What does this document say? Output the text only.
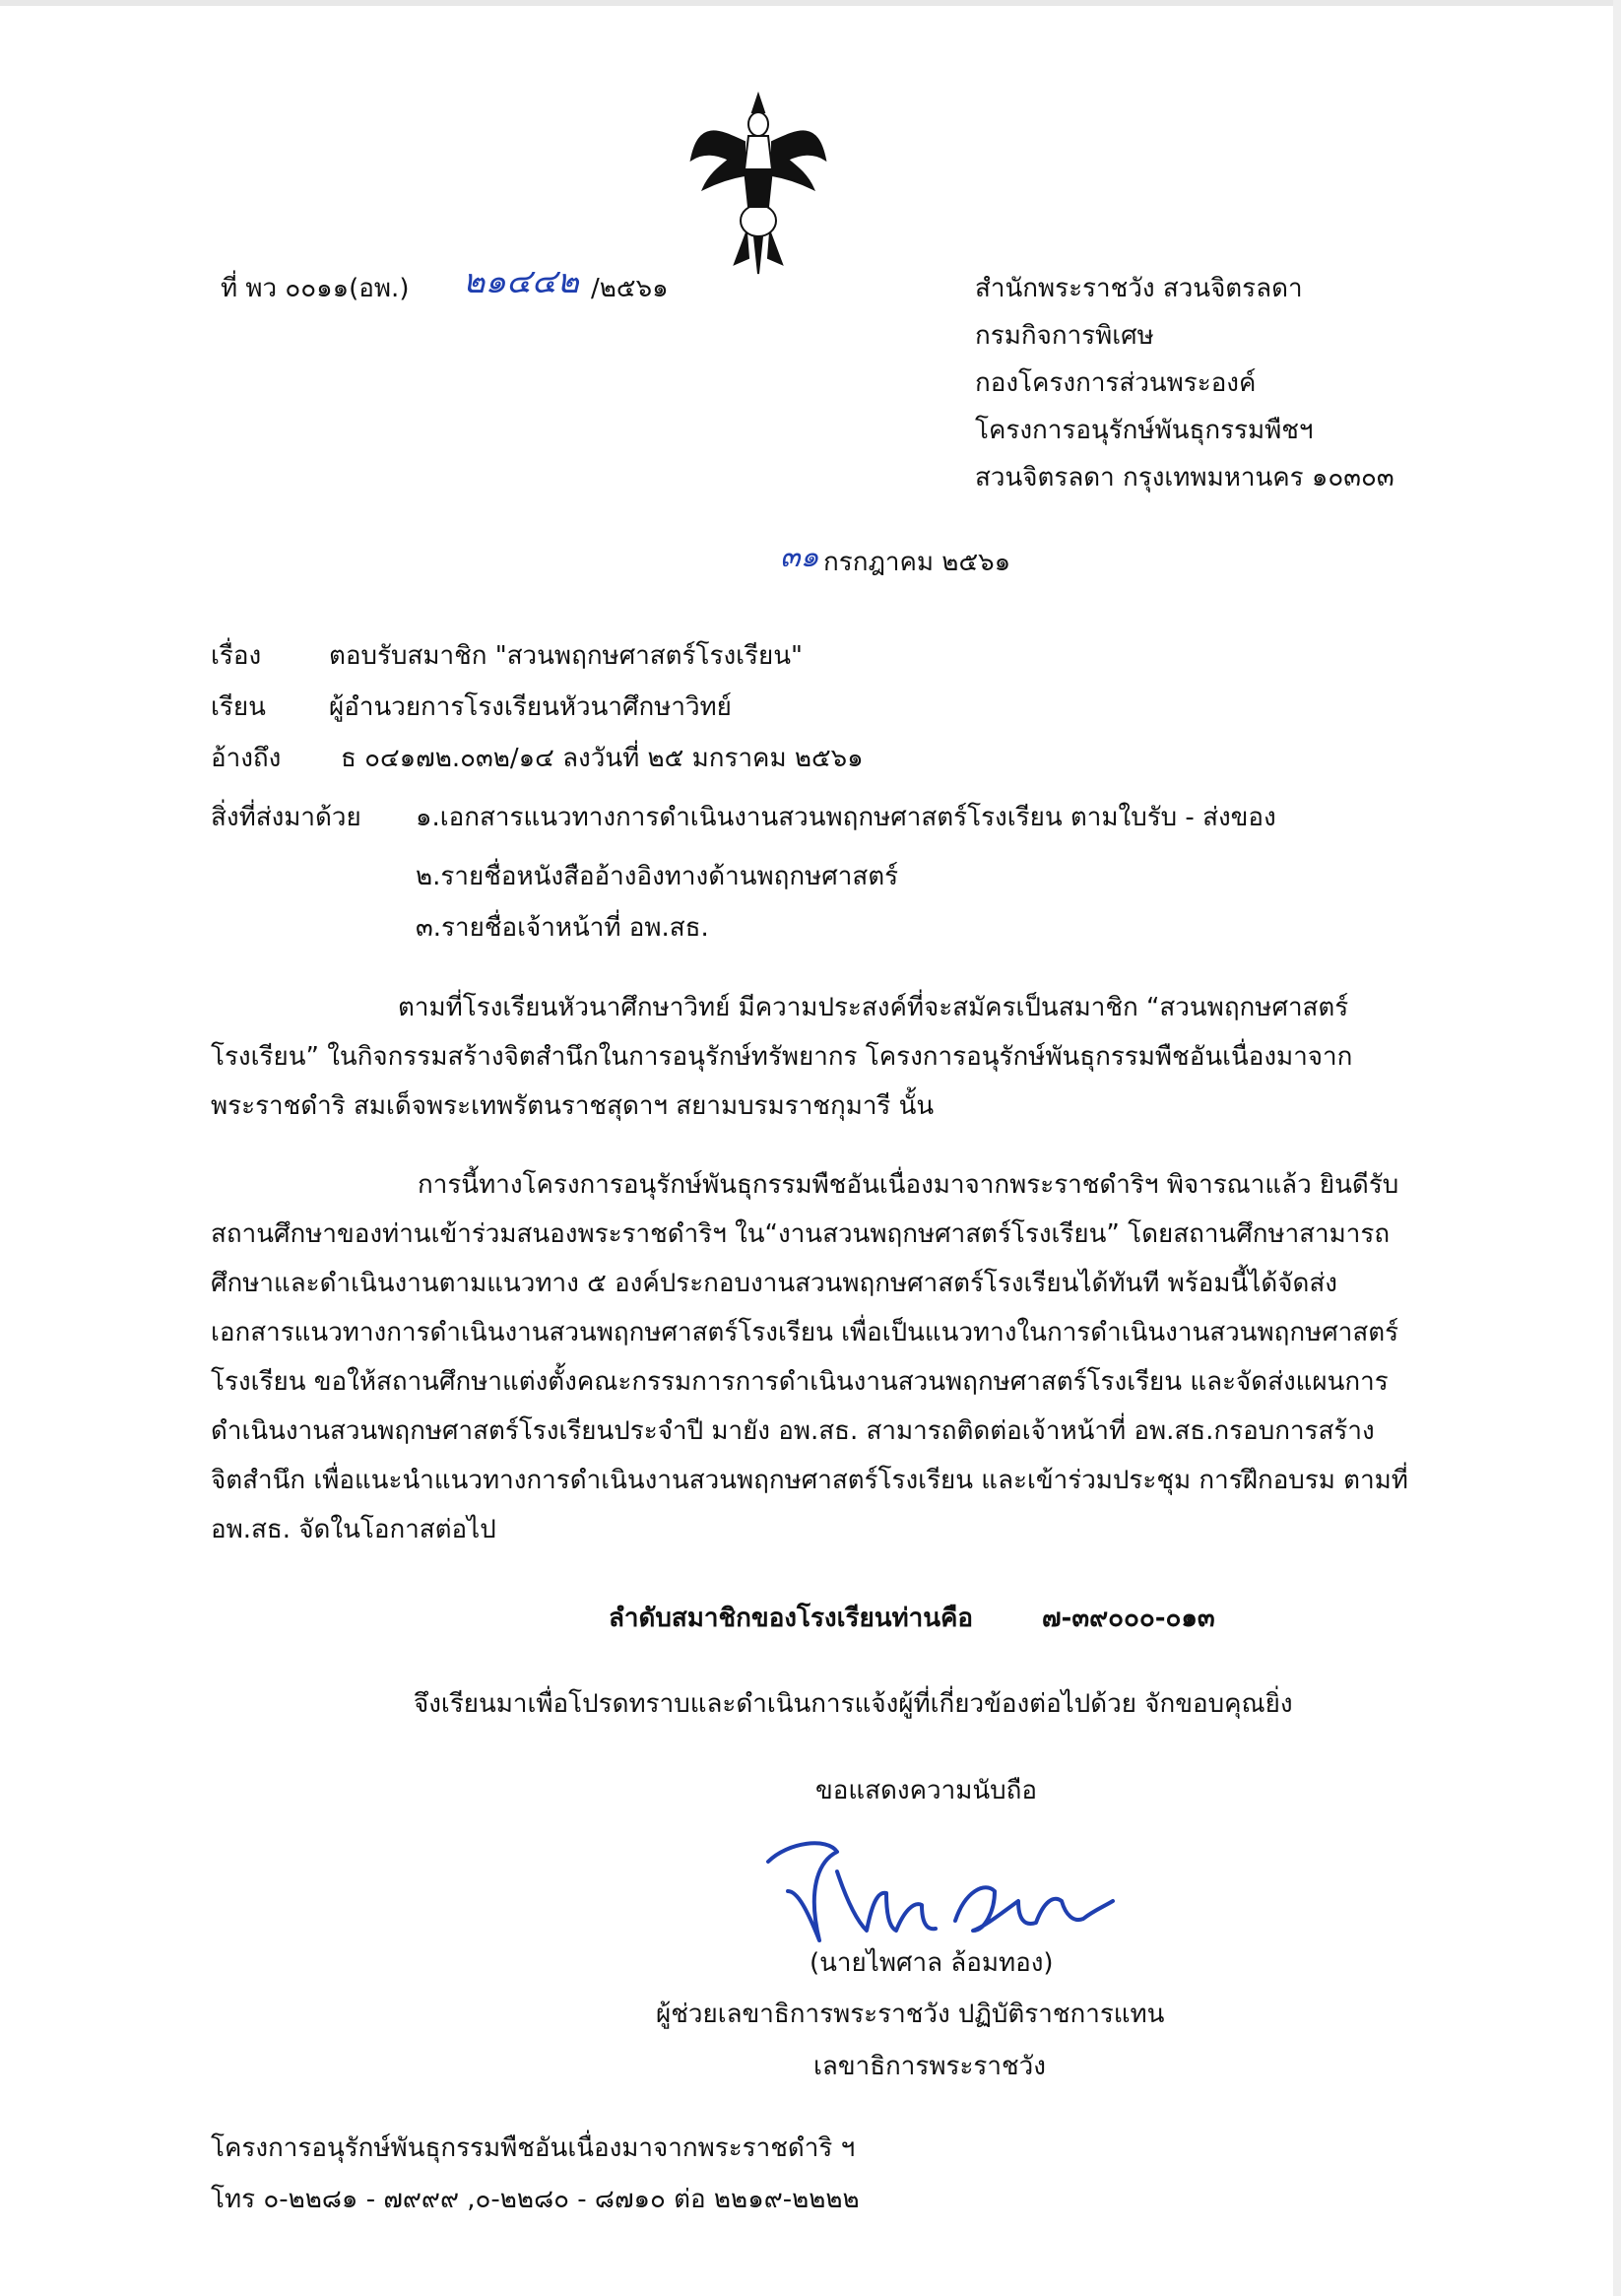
ที่ พว ๐๐๑๑(อพ.) ๒๑๔๔๒ /๒๕๖๑	สำนักพระราชวัง สวนจิตรลดา
กรมกิจการพิเศษ
กองโครงการส่วนพระองค์
โครงการอนุรักษ์พันธุกรรมพืชฯ
สวนจิตรลดา กรุงเทพมหานคร ๑๐๓๐๓
๓๑ กรกฎาคม ๒๕๖๑
เรื่อง	ตอบรับสมาชิก "สวนพฤกษศาสตร์โรงเรียน"
เรียน ผู้อำนวยการโรงเรียนหัวนาศึกษาวิทย์
อ้างถึง ธ ๐๔๑๗๒.๐๓๒/๑๔ ลงวันที่ ๒๕ มกราคม ๒๕๖๑
สิ่งที่ส่งมาด้วย ๑.เอกสารแนวทางการดำเนินงานสวนพฤกษศาสตร์โรงเรียน ตามใบรับ - ส่งของ
๒.รายชื่อหนังสืออ้างอิงทางด้านพฤกษศาสตร์
๓.รายชื่อเจ้าหน้าที่ อพ.สธ.
ตามที่โรงเรียนหัวนาศึกษาวิทย์ มีความประสงค์ที่จะสมัครเป็นสมาชิก “สวนพฤกษศาสตร์
โรงเรียน” ในกิจกรรมสร้างจิตสำนึกในการอนุรักษ์ทรัพยากร โครงการอนุรักษ์พันธุกรรมพืชอันเนื่องมาจาก
พระราชดำริ สมเด็จพระเทพรัตนราชสุดาฯ สยามบรมราชกุมารี นั้น
การนี้ทางโครงการอนุรักษ์พันธุกรรมพืชอันเนื่องมาจากพระราชดำริฯ พิจารณาแล้ว ยินดีรับ
สถานศึกษาของท่านเข้าร่วมสนองพระราชดำริฯ ใน“งานสวนพฤกษศาสตร์โรงเรียน” โดยสถานศึกษาสามารถ
ศึกษาและดำเนินงานตามแนวทาง ๕ องค์ประกอบงานสวนพฤกษศาสตร์โรงเรียนได้ทันที พร้อมนี้ได้จัดส่ง
เอกสารแนวทางการดำเนินงานสวนพฤกษศาสตร์โรงเรียน เพื่อเป็นแนวทางในการดำเนินงานสวนพฤกษศาสตร์
โรงเรียน ขอให้สถานศึกษาแต่งตั้งคณะกรรมการการดำเนินงานสวนพฤกษศาสตร์โรงเรียน และจัดส่งแผนการ
ดำเนินงานสวนพฤกษศาสตร์โรงเรียนประจำปี มายัง อพ.สธ. สามารถติดต่อเจ้าหน้าที่ อพ.สธ.กรอบการสร้าง
จิตสำนึก เพื่อแนะนำแนวทางการดำเนินงานสวนพฤกษศาสตร์โรงเรียน และเข้าร่วมประชุม การฝึกอบรม ตามที่
อพ.สธ. จัดในโอกาสต่อไป
ลำดับสมาชิกของโรงเรียนท่านคือ	๗-๓๙๐๐๐-๐๑๓
จึงเรียนมาเพื่อโปรดทราบและดำเนินการแจ้งผู้ที่เกี่ยวข้องต่อไปด้วย จักขอบคุณยิ่ง
ขอแสดงความนับถือ
(นายไพศาล ล้อมทอง)
ผู้ช่วยเลขาธิการพระราชวัง ปฏิบัติราชการแทน
เลขาธิการพระราชวัง
โครงการอนุรักษ์พันธุกรรมพืชอันเนื่องมาจากพระราชดำริ ฯ
โทร ๐-๒๒๘๑ - ๗๙๙๙ ,๐-๒๒๘๐ - ๘๗๑๐ ต่อ ๒๒๑๙-๒๒๒๒
